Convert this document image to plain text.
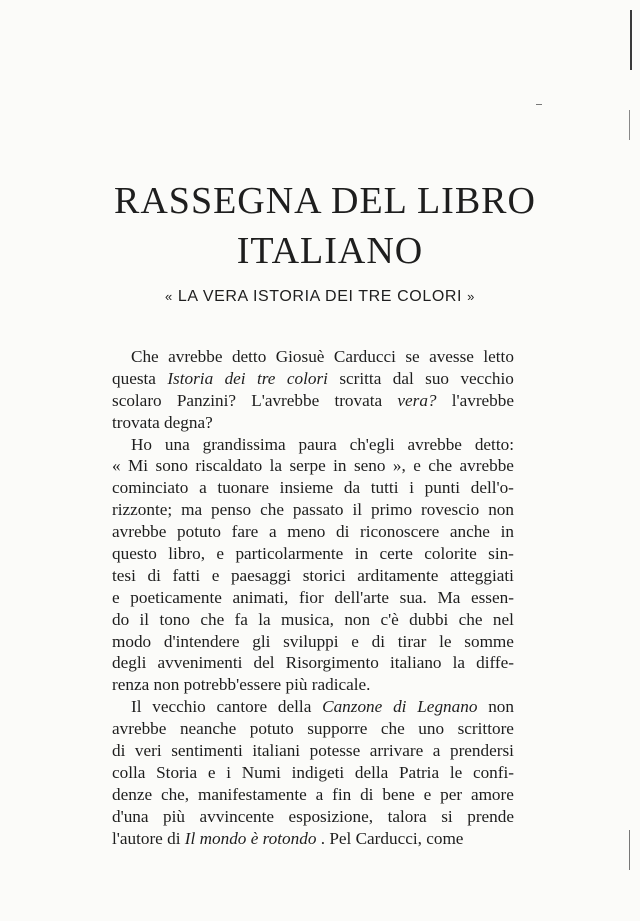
RASSEGNA DEL LIBRO
ITALIANO

« LA VERA ISTORIA DEI TRE COLORI »

Che avrebbe detto Giosuè Carducci se avesse letto
questa Istoria dei tre colori scritta dal suo vecchio
scolaro Panzini? L'avrebbe trovata vera? l'avrebbe
trovata
degna?
Ho una grandissima paura ch'egli avrebbe detto:
« Mi sono riscaldato la serpe in seno », e che avrebbe
cominciato a tuonare insieme da tutti i punti dell'o-
rizzonte; ma penso che passato il primo rovescio non
avrebbe potuto fare a meno di riconoscere anche in
questo libro, e particolarmente in certe colorite sin-
tesi di fatti e paesaggi storici arditamente atteggiati
e poeticamente animati, fior dell'arte sua. Ma essen-
do il tono che fa la musica, non c'è dubbi che nel
modo d'intendere gli sviluppi e di tirar le somme
degli avvenimenti del Risorgimento italiano la diffe-
renza
non
potrebb'essere
più
radicale.
Il vecchio cantore della Canzone di Legnano non
avrebbe neanche potuto supporre che uno scrittore
di veri sentimenti italiani potesse arrivare a prendersi
colla Storia e i Numi indigeti della Patria le confi-
denze che, manifestamente a fin di bene e per amore
d'una più avvincente esposizione, talora si prende
l'autore
di
Il
mondo
è
rotondo
.
Pel
Carducci,
come
